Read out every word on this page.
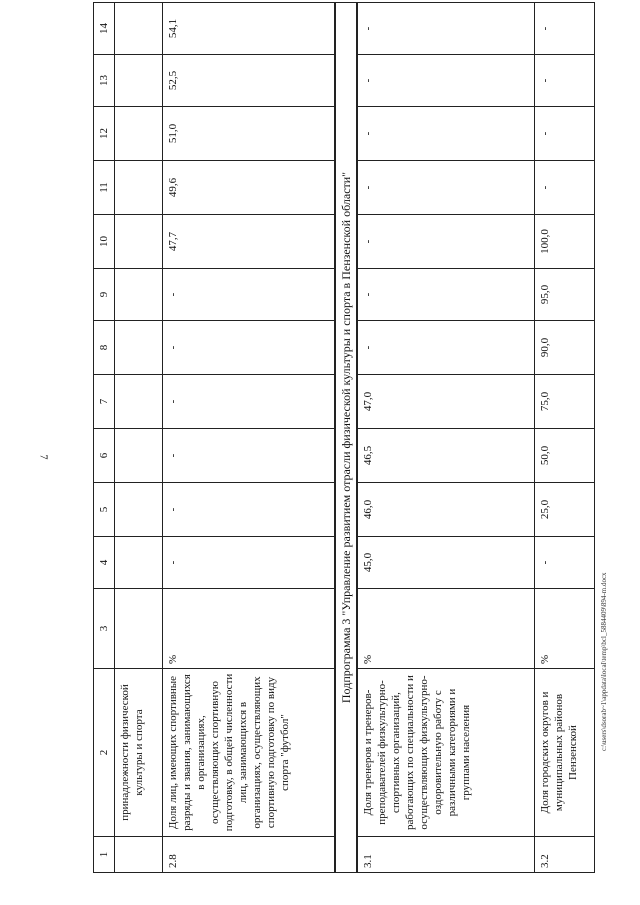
7
1	2	3	4	5	6	7	8	9	10	11	12	13	14
	принадлежности физической культуры и спорта												
2.8	Доля лиц, имеющих спортивные разряды и звания, занимающихся в организациях, осуществляющих спортивную подготовку, в общей численности лиц, занимающихся в организациях, осуществляющих спортивную подготовку по виду спорта "футбол"	%	-	-	-	-	-	-	47,7	49,6	51,0	52,5	54,1
Подпрограмма 3 "Управление развитием отрасли физической культуры и спорта в Пензенской области"													
3.1	Доля тренеров и тренеров-преподавателей физкультурно-спортивных организаций, работающих по специальности и осуществляющих физкультурно-оздоровительную работу с различными категориями и группами населения	%	45,0	46,0	46,5	47,0	-	-	-	-	-	-	-
3.2	Доля городских округов и муниципальных районов Пензенской	%	-	25,0	50,0	75,0	90,0	95,0	100,0	-	-	-	-
c:\users\dsorab~1\appdata\local\temp\bcl_5884409\894-m.docx
